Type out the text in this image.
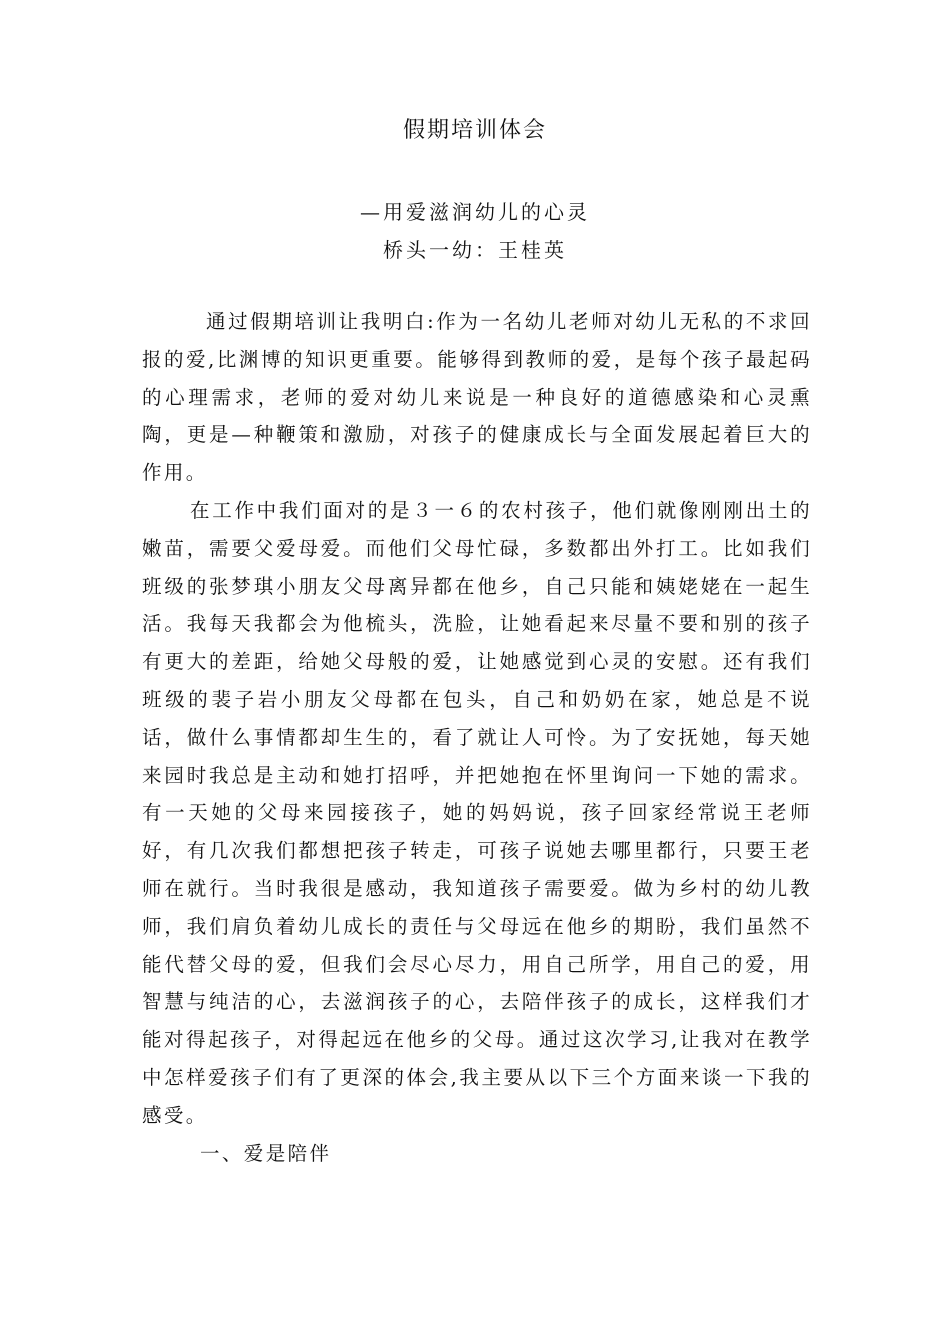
假期培训体会
—用爱滋润幼儿的心灵
桥头一幼：王桂英

通过假期培训让我明白:作为一名幼儿老师对幼儿无私的不求回报的爱,比渊博的知识更重要。能够得到教师的爱，是每个孩子最起码的心理需求，老师的爱对幼儿来说是一种良好的道德感染和心灵熏陶，更是—种鞭策和激励，对孩子的健康成长与全面发展起着巨大的作用。

在工作中我们面对的是３一６的农村孩子，他们就像刚刚出土的嫩苗，需要父爱母爱。而他们父母忙碌，多数都出外打工。比如我们班级的张梦琪小朋友父母离异都在他乡，自己只能和姨姥姥在一起生活。我每天我都会为他梳头，洗脸，让她看起来尽量不要和别的孩子有更大的差距，给她父母般的爱，让她感觉到心灵的安慰。还有我们班级的裴子岩小朋友父母都在包头，自己和奶奶在家，她总是不说话，做什么事情都却生生的，看了就让人可怜。为了安抚她，每天她来园时我总是主动和她打招呼，并把她抱在怀里询问一下她的需求。有一天她的父母来园接孩子，她的妈妈说，孩子回家经常说王老师好，有几次我们都想把孩子转走，可孩子说她去哪里都行，只要王老师在就行。当时我很是感动，我知道孩子需要爱。做为乡村的幼儿教师，我们肩负着幼儿成长的责任与父母远在他乡的期盼，我们虽然不能代替父母的爱，但我们会尽心尽力，用自己所学，用自己的爱，用智慧与纯洁的心，去滋润孩子的心，去陪伴孩子的成长，这样我们才能对得起孩子，对得起远在他乡的父母。通过这次学习,让我对在教学中怎样爱孩子们有了更深的体会,我主要从以下三个方面来谈一下我的感受。

一、爱是陪伴
